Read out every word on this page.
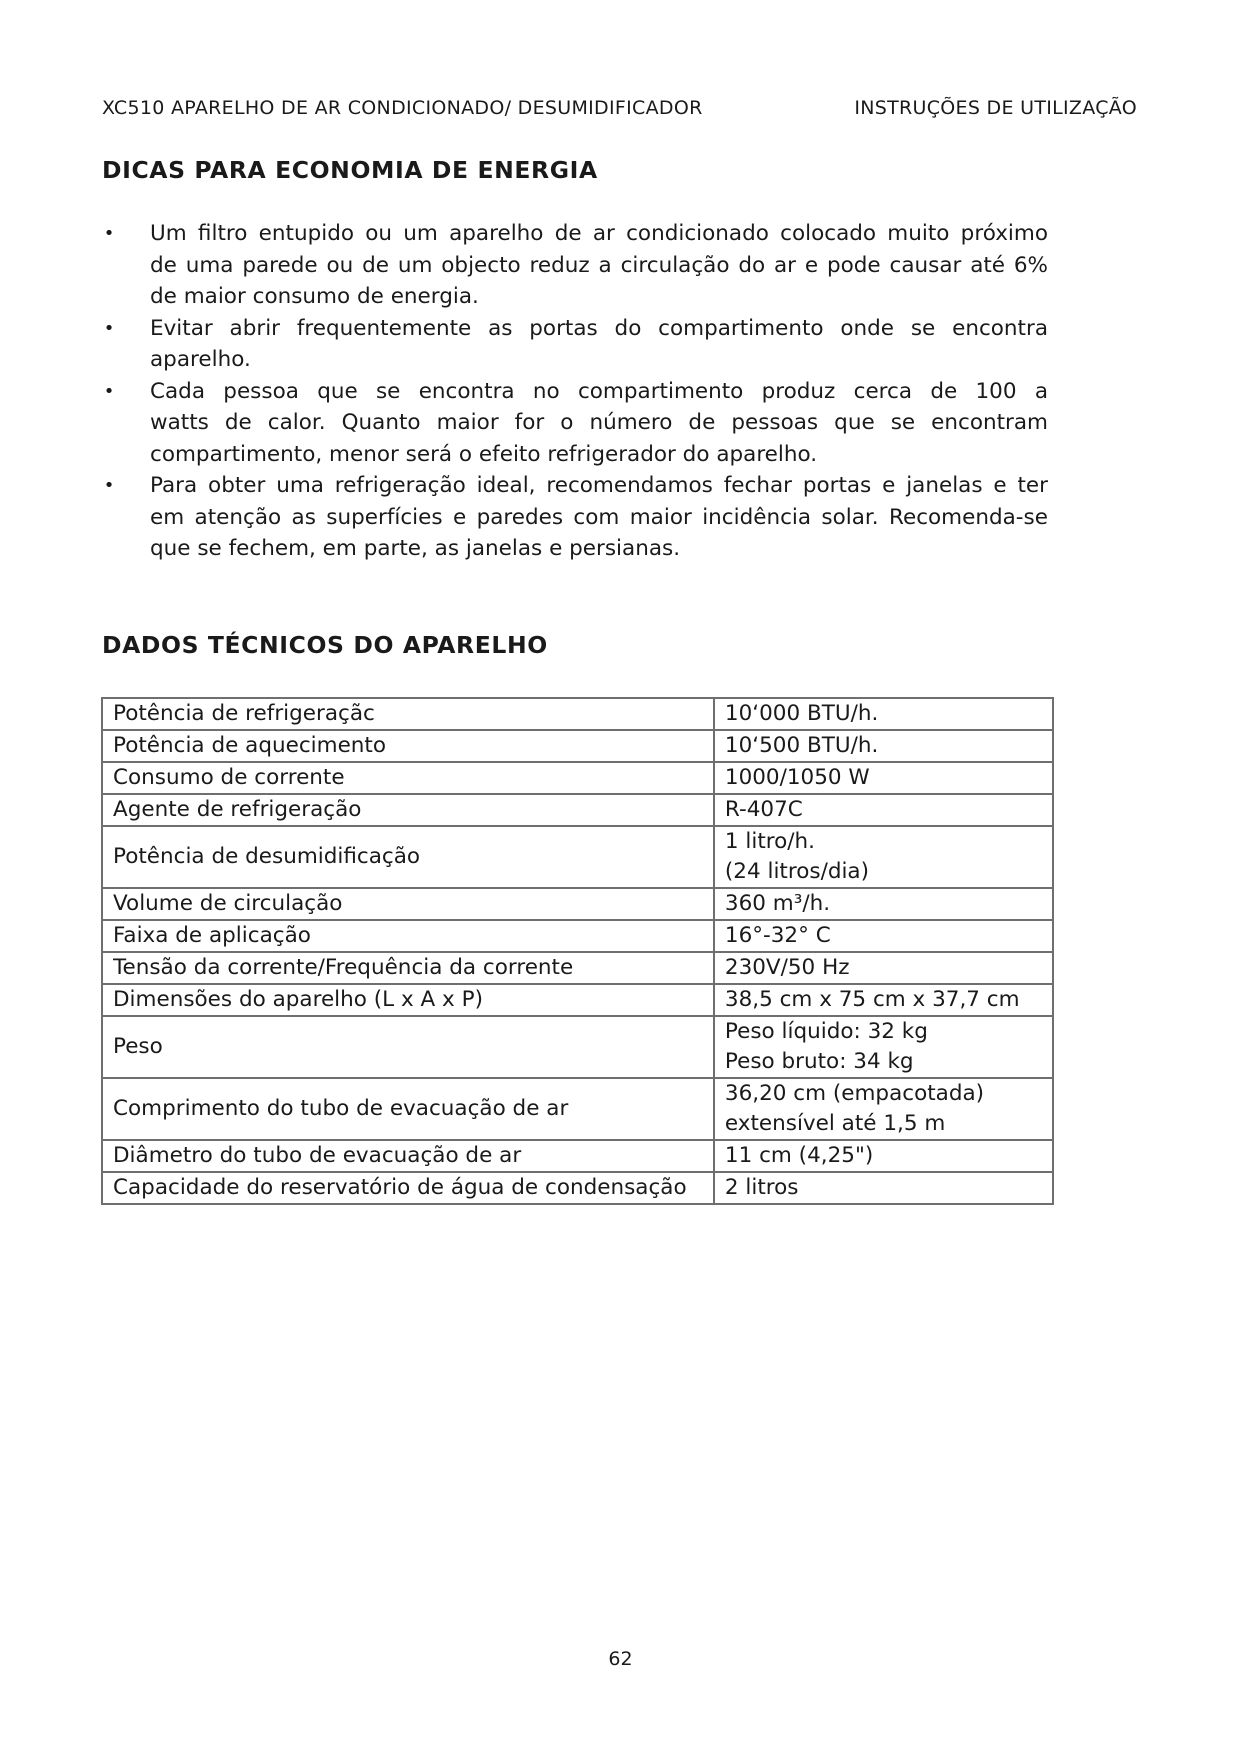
XC510 APARELHO DE AR CONDICIONADO/ DESUMIDIFICADOR	INSTRUÇÕES DE UTILIZAÇÃO
DICAS PARA ECONOMIA DE ENERGIA
• Um filtro entupido ou um aparelho de ar condicionado colocado muito próximo
de uma parede ou de um objecto reduz a circulação do ar e pode causar até 6%
de maior consumo de energia.
• Evitar abrir frequentemente as portas do compartimento onde se encontra
aparelho.
• Cada pessoa que se encontra no compartimento produz cerca de 100 a
watts de calor. Quanto maior for o número de pessoas que se encontram
compartimento, menor será o efeito refrigerador do aparelho.
• Para obter uma refrigeração ideal, recomendamos fechar portas e janelas e ter
em atenção as superfícies e paredes com maior incidência solar. Recomenda-se
que se fechem, em parte, as janelas e persianas.
DADOS TÉCNICOS DO APARELHO
Potência de refrigeraçãc	10‘000 BTU/h.

Potência de aquecimento	10‘500 BTU/h.

Consumo de corrente	1000/1050 W

Agente de refrigeração	R-407C

Potência de desumidificação	1 litro/h.
(24 litros/dia)

Volume de circulação	360 m³/h.

Faixa de aplicação	16°-32° C

Tensão da corrente/Frequência da corrente	230V/50 Hz

Dimensões do aparelho (L x A x P)	38,5 cm x 75 cm x 37,7 cm

Peso	Peso líquido: 32 kg
Peso bruto: 34 kg

Comprimento do tubo de evacuação de ar	36,20 cm (empacotada)
extensível até 1,5 m

Diâmetro do tubo de evacuação de ar	11 cm (4,25")

Capacidade do reservatório de água de condensação	2 litros
62
